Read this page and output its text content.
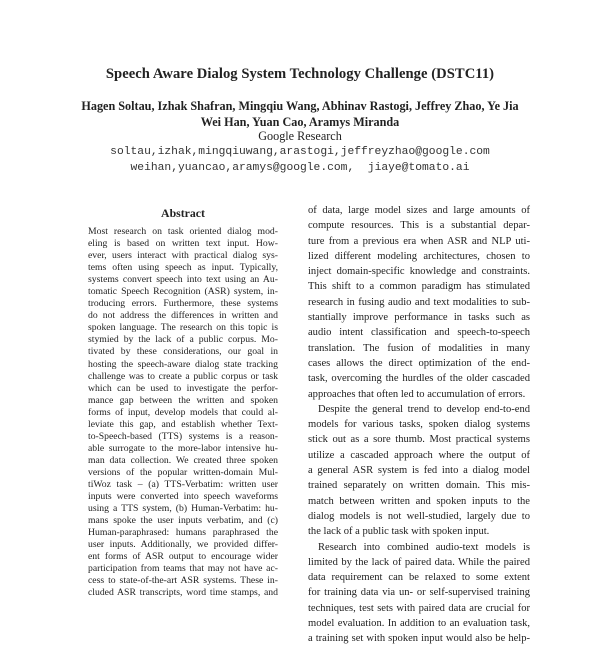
Speech Aware Dialog System Technology Challenge (DSTC11)
Hagen Soltau, Izhak Shafran, Mingqiu Wang, Abhinav Rastogi, Jeffrey Zhao, Ye Jia
Wei Han, Yuan Cao, Aramys Miranda
Google Research
soltau,izhak,mingqiuwang,arastogi,jeffreyzhao@google.com
weihan,yuancao,aramys@google.com,  jiaye@tomato.ai
Abstract
Most research on task oriented dialog mod-
eling is based on written text input. How-
ever, users interact with practical dialog sys-
tems often using speech as input. Typically,
systems convert speech into text using an Au-
tomatic Speech Recognition (ASR) system, in-
troducing errors. Furthermore, these systems
do not address the differences in written and
spoken language. The research on this topic is
stymied by the lack of a public corpus. Mo-
tivated by these considerations, our goal in
hosting the speech-aware dialog state tracking
challenge was to create a public corpus or task
which can be used to investigate the perfor-
mance gap between the written and spoken
forms of input, develop models that could al-
leviate this gap, and establish whether Text-
to-Speech-based (TTS) systems is a reason-
able surrogate to the more-labor intensive hu-
man data collection. We created three spoken
versions of the popular written-domain Mul-
tiWoz task – (a) TTS-Verbatim: written user
inputs were converted into speech waveforms
using a TTS system, (b) Human-Verbatim: hu-
mans spoke the user inputs verbatim, and (c)
Human-paraphrased: humans paraphrased the
user inputs. Additionally, we provided differ-
ent forms of ASR output to encourage wider
participation from teams that may not have ac-
cess to state-of-the-art ASR systems. These in-
cluded ASR transcripts, word time stamps, and
of data, large model sizes and large amounts of
compute resources. This is a substantial depar-
ture from a previous era when ASR and NLP uti-
lized different modeling architectures, chosen to
inject domain-specific knowledge and constraints.
This shift to a common paradigm has stimulated
research in fusing audio and text modalities to sub-
stantially improve performance in tasks such as
audio intent classification and speech-to-speech
translation. The fusion of modalities in many
cases allows the direct optimization of the end-
task, overcoming the hurdles of the older cascaded
approaches that often led to accumulation of errors.
Despite the general trend to develop end-to-end
models for various tasks, spoken dialog systems
stick out as a sore thumb. Most practical systems
utilize a cascaded approach where the output of
a general ASR system is fed into a dialog model
trained separately on written domain. This mis-
match between written and spoken inputs to the
dialog models is not well-studied, largely due to
the lack of a public task with spoken input.
Research into combined audio-text models is
limited by the lack of paired data. While the paired
data requirement can be relaxed to some extent
for training data via un- or self-supervised training
techniques, test sets with paired data are crucial for
model evaluation. In addition to an evaluation task,
a training set with spoken input would also be help-
